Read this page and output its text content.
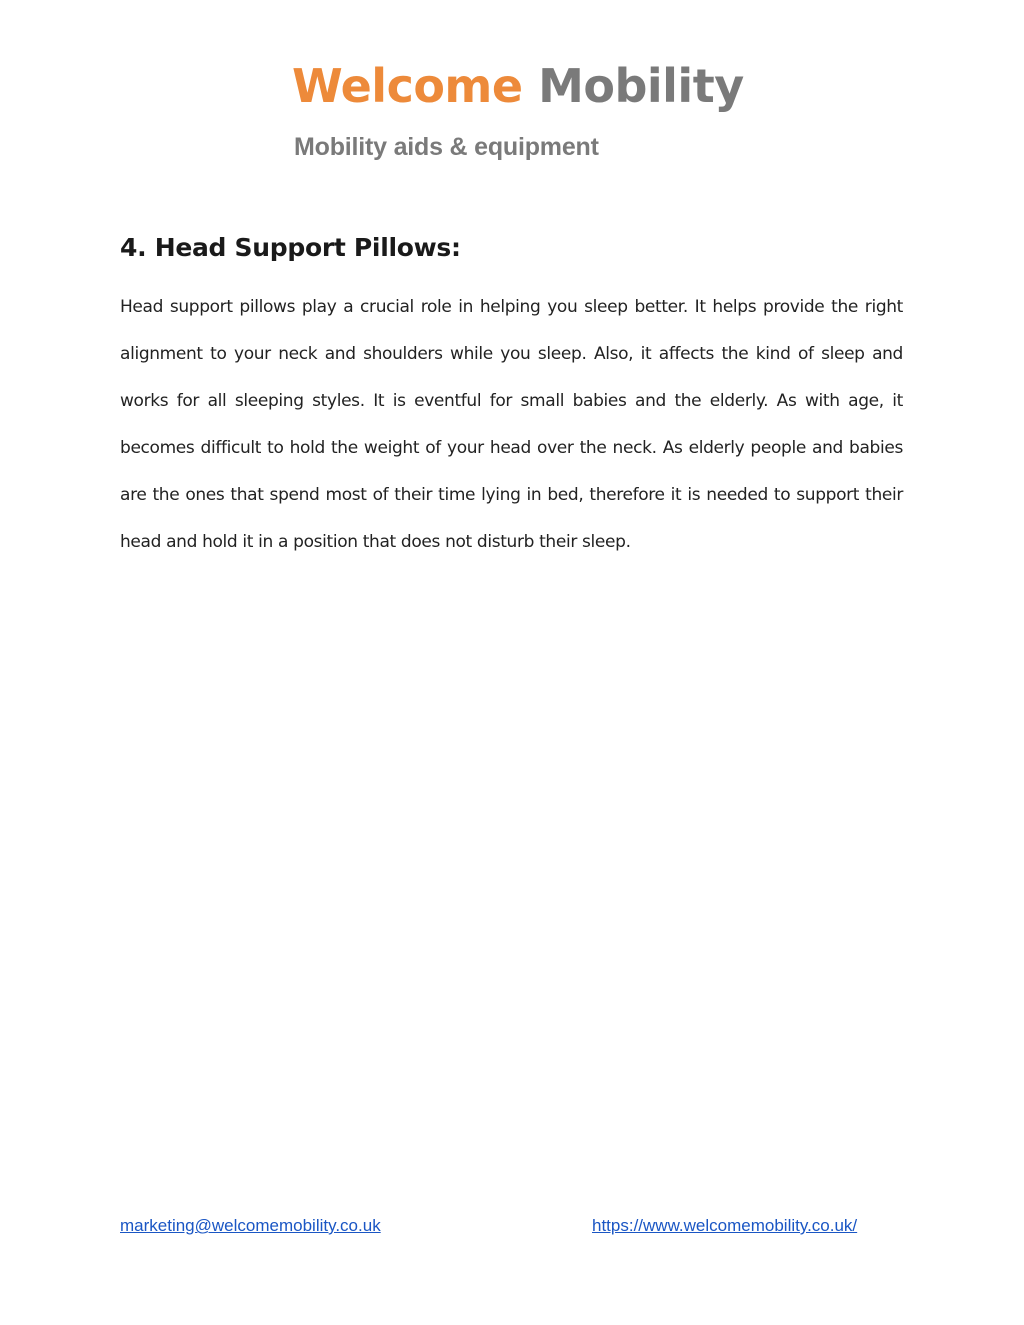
Welcome Mobility
Mobility aids & equipment
4. Head Support Pillows:

Head support pillows play a crucial role in helping you sleep better. It helps provide the right alignment to your neck and shoulders while you sleep. Also, it affects the kind of sleep and works for all sleeping styles. It is eventful for small babies and the elderly. As with age, it becomes difficult to hold the weight of your head over the neck. As elderly people and babies are the ones that spend most of their time lying in bed, therefore it is needed to support their head and hold it in a position that does not disturb their sleep.

marketing@welcomemobility.co.uk	https://www.welcomemobility.co.uk/
